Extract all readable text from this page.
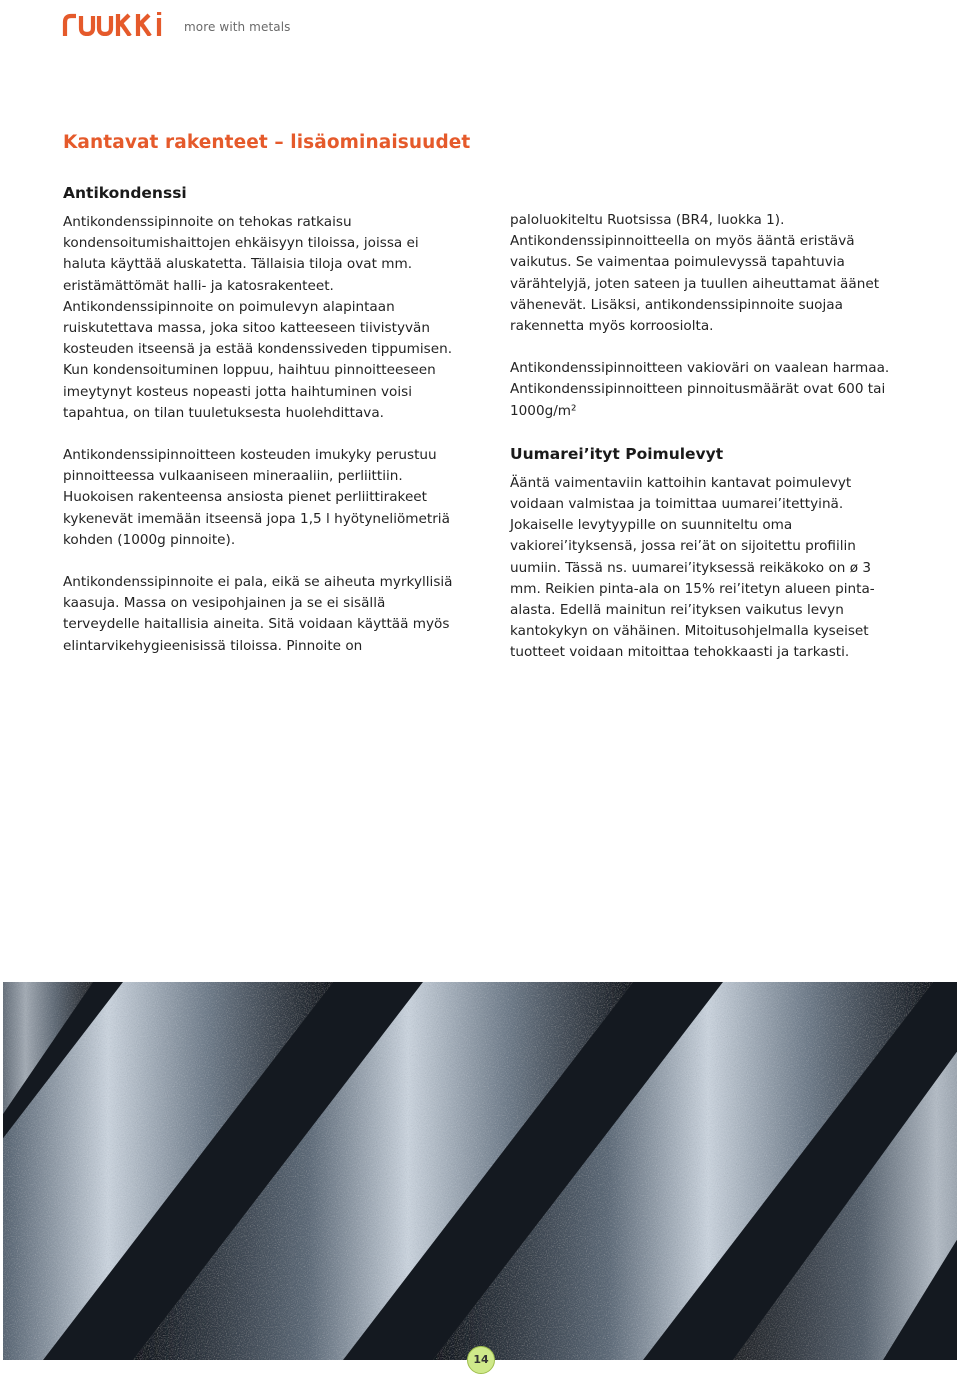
more with metals
Kantavat rakenteet – lisäominaisuudet
Antikondenssi

Antikondenssipinnoite on tehokas ratkaisu kondensoitumishaittojen ehkäisyyn tiloissa, joissa ei haluta käyttää aluskatetta. Tällaisia tiloja ovat mm. eristämättömät halli- ja katosrakenteet. Antikondenssipinnoite on poimulevyn alapintaan ruiskutettava massa, joka sitoo katteeseen tiivistyvän kosteuden itseensä ja estää kondenssiveden tippumisen. Kun kondensoituminen loppuu, haihtuu pinnoitteeseen imeytynyt kosteus nopeasti jotta haihtuminen voisi tapahtua, on tilan tuuletuksesta huolehdittava.

Antikondenssipinnoitteen kosteuden imukyky perustuu pinnoitteessa vulkaaniseen mineraaliin, perliittiin. Huokoisen rakenteensa ansiosta pienet perliittirakeet kykenevät imemään itseensä jopa 1,5 l hyötyneliömetriä kohden (1000g pinnoite).

Antikondenssipinnoite ei pala, eikä se aiheuta myrkyllisiä kaasuja. Massa on vesipohjainen ja se ei sisällä terveydelle haitallisia aineita. Sitä voidaan käyttää myös elintarvikehygieenisissä tiloissa. Pinnoite on

paloluokiteltu Ruotsissa (BR4, luokka 1). Antikondenssipinnoitteella on myös ääntä eristävä vaikutus. Se vaimentaa poimulevyssä tapahtuvia värähtelyjä, joten sateen ja tuullen aiheuttamat äänet vähenevät. Lisäksi, antikondenssipinnoite suojaa rakennetta myös korroosiolta.

Antikondenssipinnoitteen vakioväri on vaalean harmaa. Antikondenssipinnoitteen pinnoitusmäärät ovat 600 tai 1000g/m²

Uumarei’ityt Poimulevyt

Ääntä vaimentaviin kattoihin kantavat poimulevyt voidaan valmistaa ja toimittaa uumarei’itettyinä. Jokaiselle levytyypille on suunniteltu oma vakiorei’ityksensä, jossa rei’ät on sijoitettu profiilin uumiin. Tässä ns. uumarei’ityksessä reikäkoko on ø 3 mm. Reikien pinta-ala on 15% rei’itetyn alueen pinta-alasta. Edellä mainitun rei’ityksen vaikutus levyn kantokykyn on vähäinen. Mitoitusohjelmalla kyseiset tuotteet voidaan mitoittaa tehokkaasti ja tarkasti.

14
